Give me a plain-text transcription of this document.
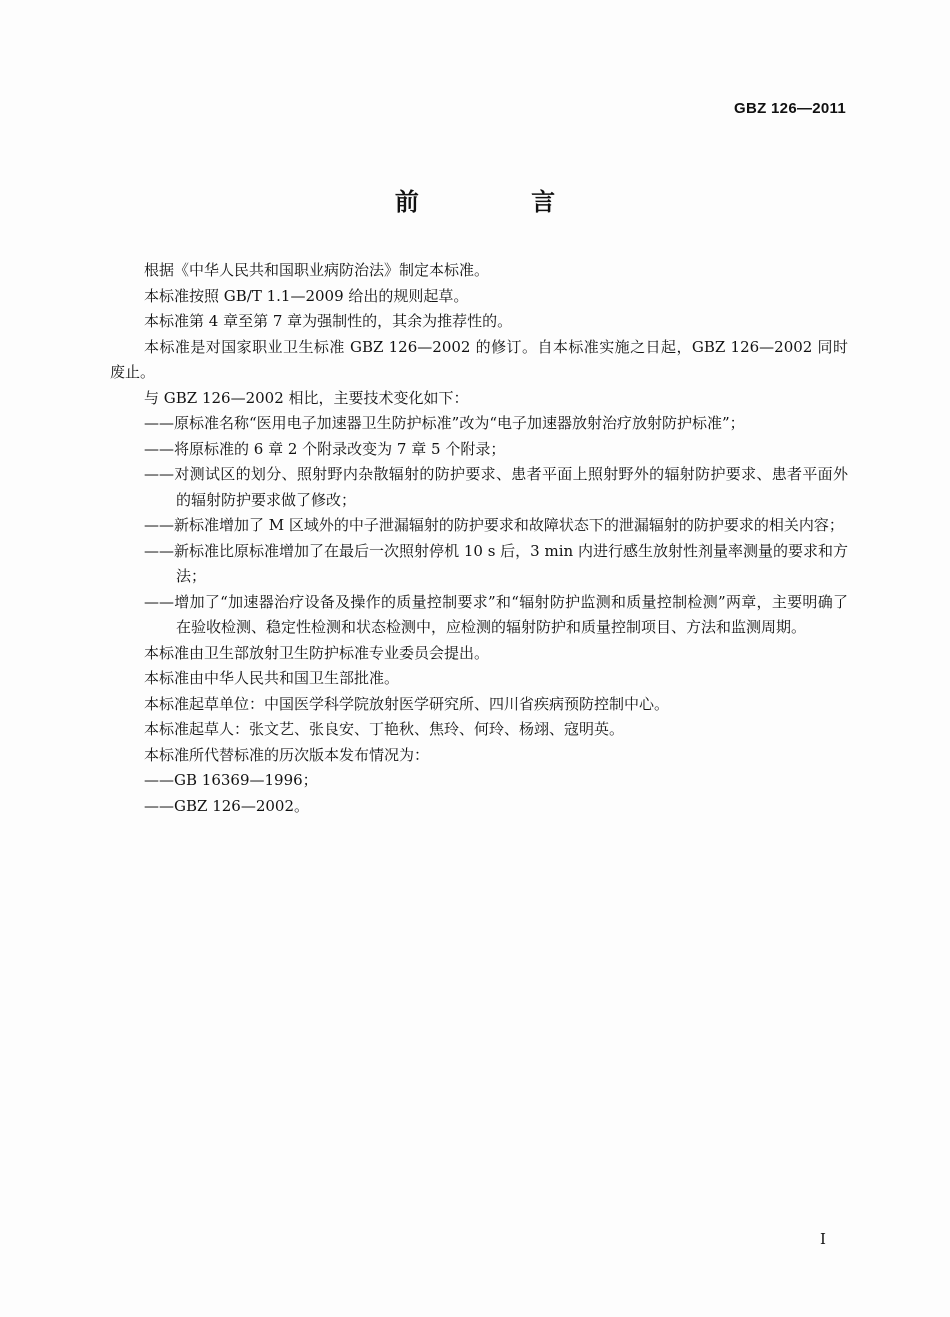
GBZ 126—2011
前 言

根据《中华人民共和国职业病防治法》制定本标准。

本标准按照 GB/T 1.1—2009 给出的规则起草。

本标准第 4 章至第 7 章为强制性的，其余为推荐性的。

本标准是对国家职业卫生标准 GBZ 126—2002 的修订。自本标准实施之日起，GBZ 126—2002 同时废止。

与 GBZ 126—2002 相比，主要技术变化如下：

——原标准名称“医用电子加速器卫生防护标准”改为“电子加速器放射治疗放射防护标准”；

——将原标准的 6 章 2 个附录改变为 7 章 5 个附录；

——对测试区的划分、照射野内杂散辐射的防护要求、患者平面上照射野外的辐射防护要求、患者平面外的辐射防护要求做了修改；

——新标准增加了 M 区域外的中子泄漏辐射的防护要求和故障状态下的泄漏辐射的防护要求的相关内容；

——新标准比原标准增加了在最后一次照射停机 10 s 后，3 min 内进行感生放射性剂量率测量的要求和方法；

——增加了“加速器治疗设备及操作的质量控制要求”和“辐射防护监测和质量控制检测”两章，主要明确了在验收检测、稳定性检测和状态检测中，应检测的辐射防护和质量控制项目、方法和监测周期。

本标准由卫生部放射卫生防护标准专业委员会提出。

本标准由中华人民共和国卫生部批准。

本标准起草单位：中国医学科学院放射医学研究所、四川省疾病预防控制中心。

本标准起草人：张文艺、张良安、丁艳秋、焦玲、何玲、杨翊、寇明英。

本标准所代替标准的历次版本发布情况为：

——GB 16369—1996；

——GBZ 126—2002。

I
